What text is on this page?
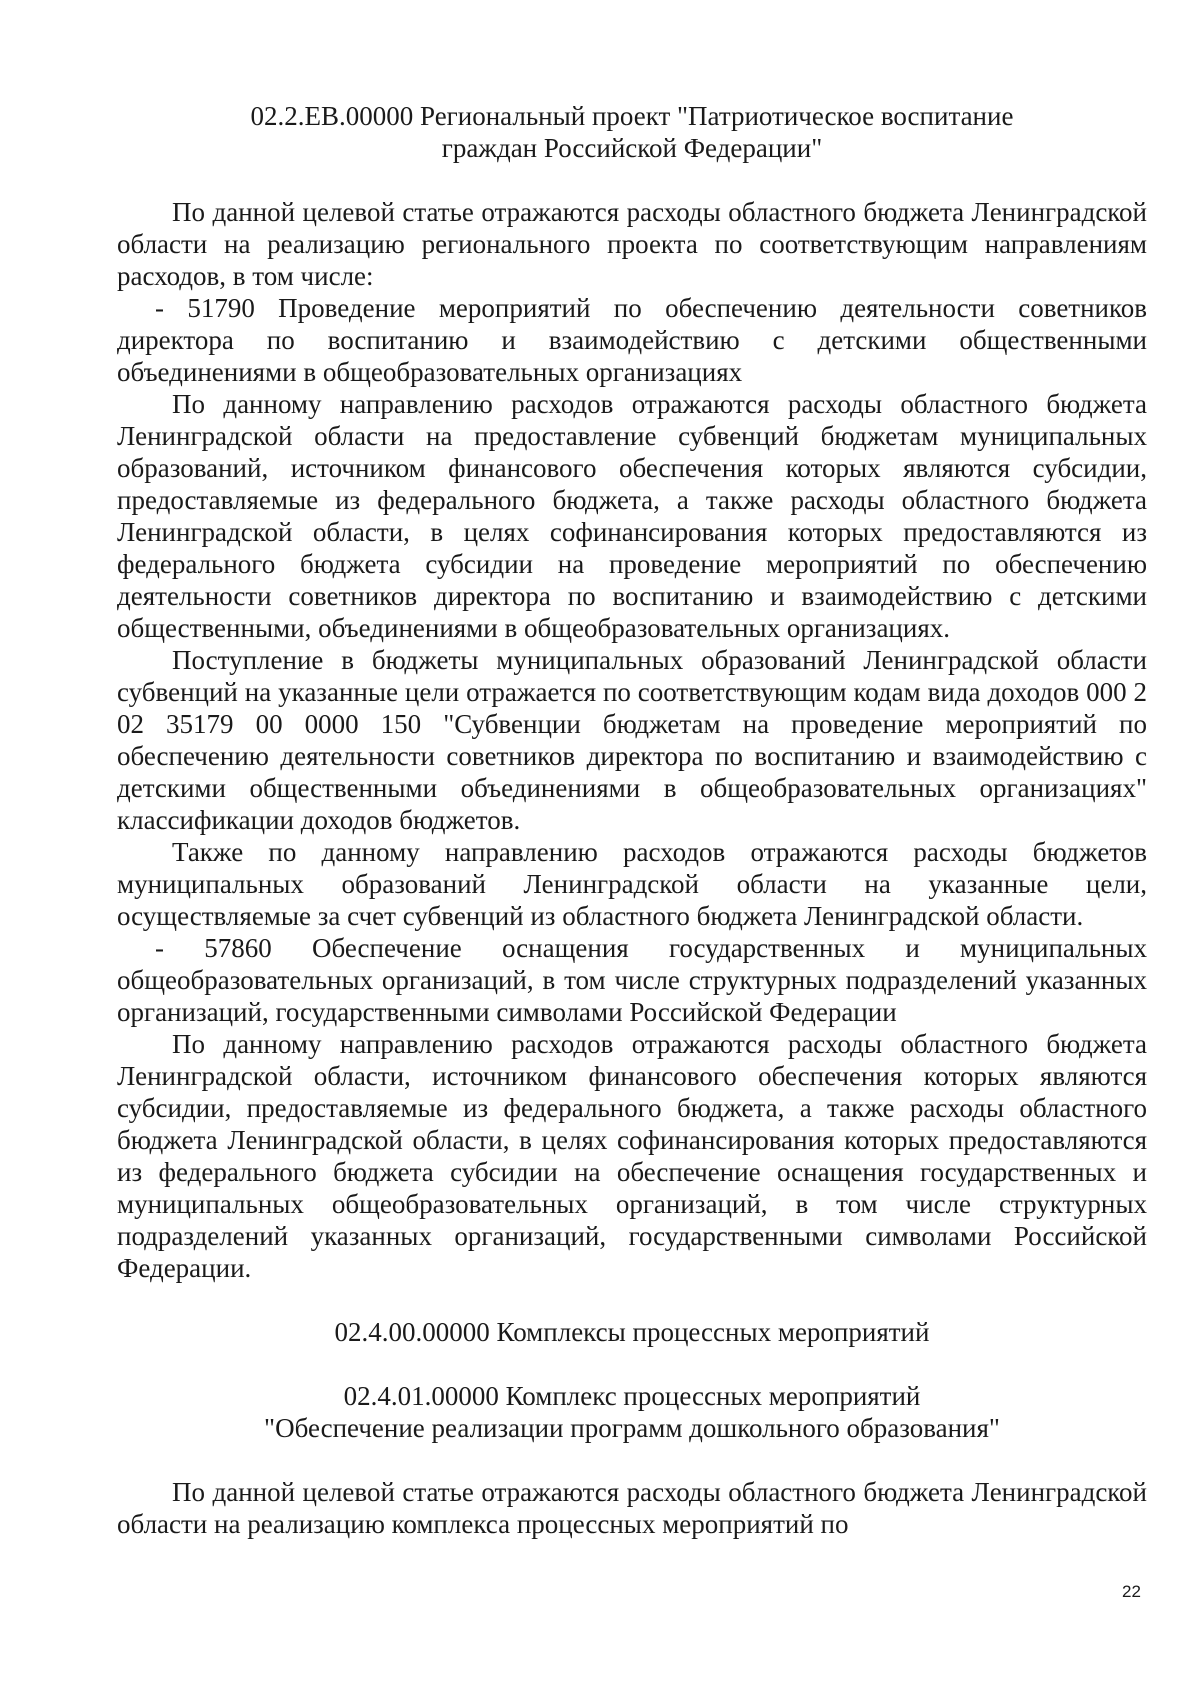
02.2.EB.00000 Региональный проект "Патриотическое воспитание

граждан Российской Федерации"

По данной целевой статье отражаются расходы областного бюджета Ленинградской области на реализацию регионального проекта по соответствующим направлениям расходов, в том числе:

- 51790 Проведение мероприятий по обеспечению деятельности советников директора по воспитанию и взаимодействию с детскими общественными объединениями в общеобразовательных организациях

По данному направлению расходов отражаются расходы областного бюджета Ленинградской области на предоставление субвенций бюджетам муниципальных образований, источником финансового обеспечения которых являются субсидии, предоставляемые из федерального бюджета, а также расходы областного бюджета Ленинградской области, в целях софинансирования которых предоставляются из федерального бюджета субсидии на проведение мероприятий по обеспечению деятельности советников директора по воспитанию и взаимодействию с детскими общественными, объединениями в общеобразовательных организациях.

Поступление в бюджеты муниципальных образований Ленинградской области субвенций на указанные цели отражается по соответствующим кодам вида доходов 000 2 02 35179 00 0000 150 "Субвенции бюджетам на проведение мероприятий по обеспечению деятельности советников директора по воспитанию и взаимодействию с детскими общественными объединениями в общеобразовательных организациях" классификации доходов бюджетов.

Также по данному направлению расходов отражаются расходы бюджетов муниципальных образований Ленинградской области на указанные цели, осуществляемые за счет субвенций из областного бюджета Ленинградской области.

- 57860 Обеспечение оснащения государственных и муниципальных общеобразовательных организаций, в том числе структурных подразделений указанных организаций, государственными символами Российской Федерации

По данному направлению расходов отражаются расходы областного бюджета Ленинградской области, источником финансового обеспечения которых являются субсидии, предоставляемые из федерального бюджета, а также расходы областного бюджета Ленинградской области, в целях софинансирования которых предоставляются из федерального бюджета субсидии на обеспечение оснащения государственных и муниципальных общеобразовательных организаций, в том числе структурных подразделений указанных организаций, государственными символами Российской Федерации.

02.4.00.00000 Комплексы процессных мероприятий

02.4.01.00000 Комплекс процессных мероприятий

"Обеспечение реализации программ дошкольного образования"

По данной целевой статье отражаются расходы областного бюджета Ленинградской области на реализацию комплекса процессных мероприятий по

22
